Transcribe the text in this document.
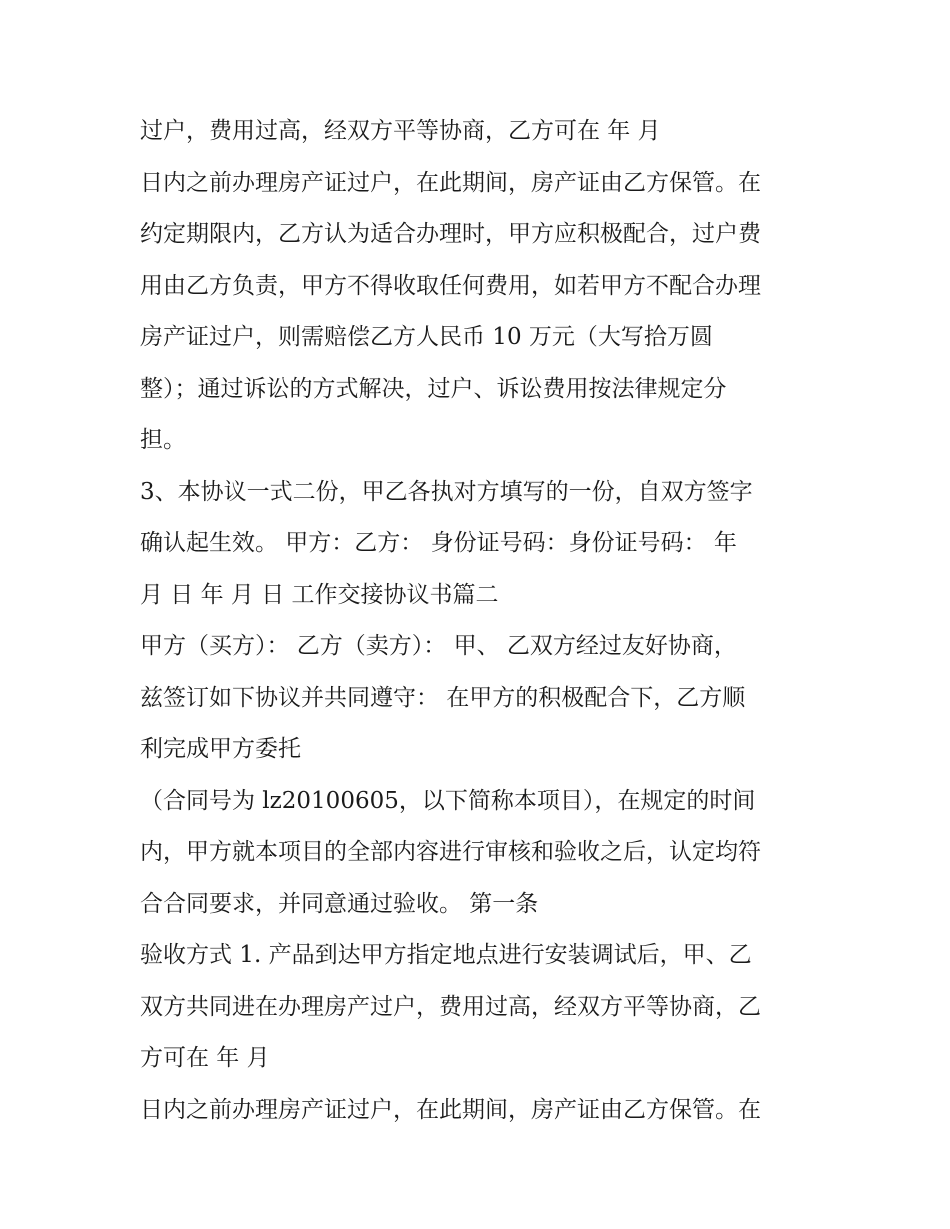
过户，费用过高，经双方平等协商，乙方可在 年 月
日内之前办理房产证过户，在此期间，房产证由乙方保管。在
约定期限内，乙方认为适合办理时，甲方应积极配合，过户费
用由乙方负责，甲方不得收取任何费用，如若甲方不配合办理
房产证过户，则需赔偿乙方人民币 10 万元（大写拾万圆
整）；通过诉讼的方式解决，过户、诉讼费用按法律规定分
担。
3、本协议一式二份，甲乙各执对方填写的一份，自双方签字
确认起生效。 甲方：乙方： 身份证号码：身份证号码： 年
月 日 年 月 日 工作交接协议书篇二
甲方（买方）： 乙方（卖方）： 甲、 乙双方经过友好协商，
兹签订如下协议并共同遵守： 在甲方的积极配合下，乙方顺
利完成甲方委托
（合同号为 lz20100605，以下简称本项目），在规定的时间
内，甲方就本项目的全部内容进行审核和验收之后，认定均符
合合同要求，并同意通过验收。 第一条
验收方式 1. 产品到达甲方指定地点进行安装调试后，甲、乙
双方共同进在办理房产过户，费用过高，经双方平等协商，乙
方可在 年 月
日内之前办理房产证过户，在此期间，房产证由乙方保管。在
